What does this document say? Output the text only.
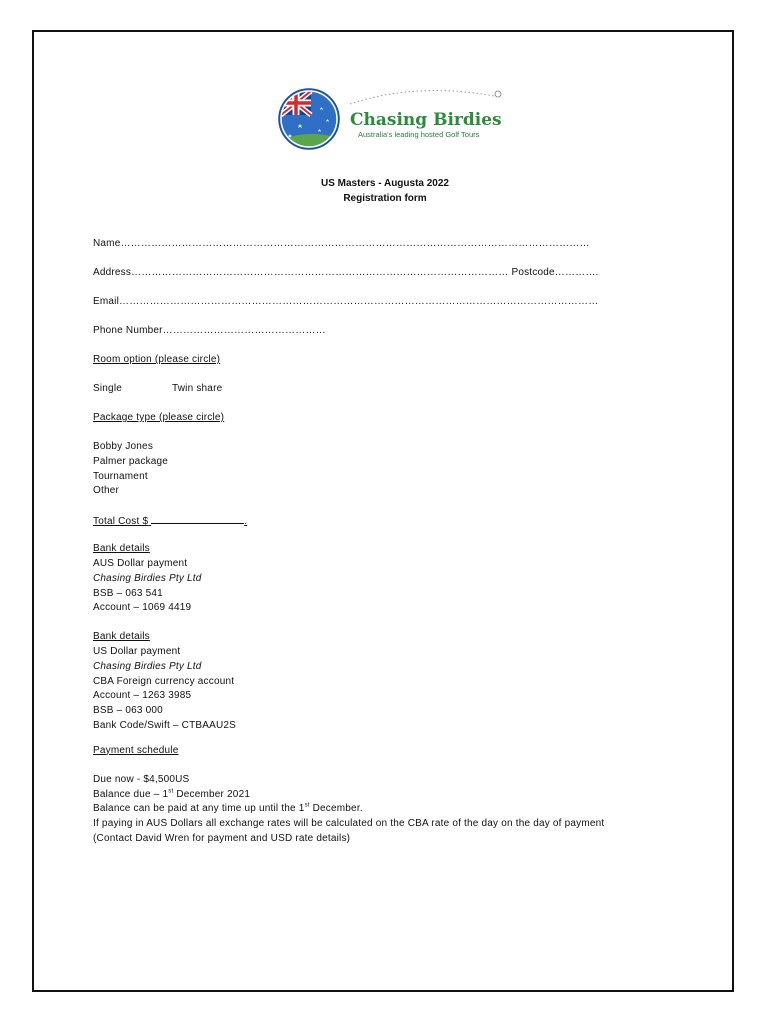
Chasing Birdies
Australia's leading hosted Golf Tours
US Masters - Augusta 2022
Registration form
Name…………………………………………………………………………………………………………………………
Address………………………………………………………………………………………………… Postcode………….
Email……………………………………………………………………………………………………………………………
Phone Number…………………………………………
Room option (please circle)
Single	Twin share
Package type (please circle)
Bobby Jones
Palmer package
Tournament
Other
Total Cost $	.
Bank details
AUS Dollar payment
Chasing Birdies Pty Ltd
BSB – 063 541
Account – 1069 4419
Bank details
US Dollar payment
Chasing Birdies Pty Ltd
CBA Foreign currency account
Account – 1263 3985
BSB – 063 000
Bank Code/Swift – CTBAAU2S
Payment schedule
Due now - $4,500US
Balance due – 1st December 2021
Balance can be paid at any time up until the 1st December.
If paying in AUS Dollars all exchange rates will be calculated on the CBA rate of the day on the day of payment
(Contact David Wren for payment and USD rate details)
